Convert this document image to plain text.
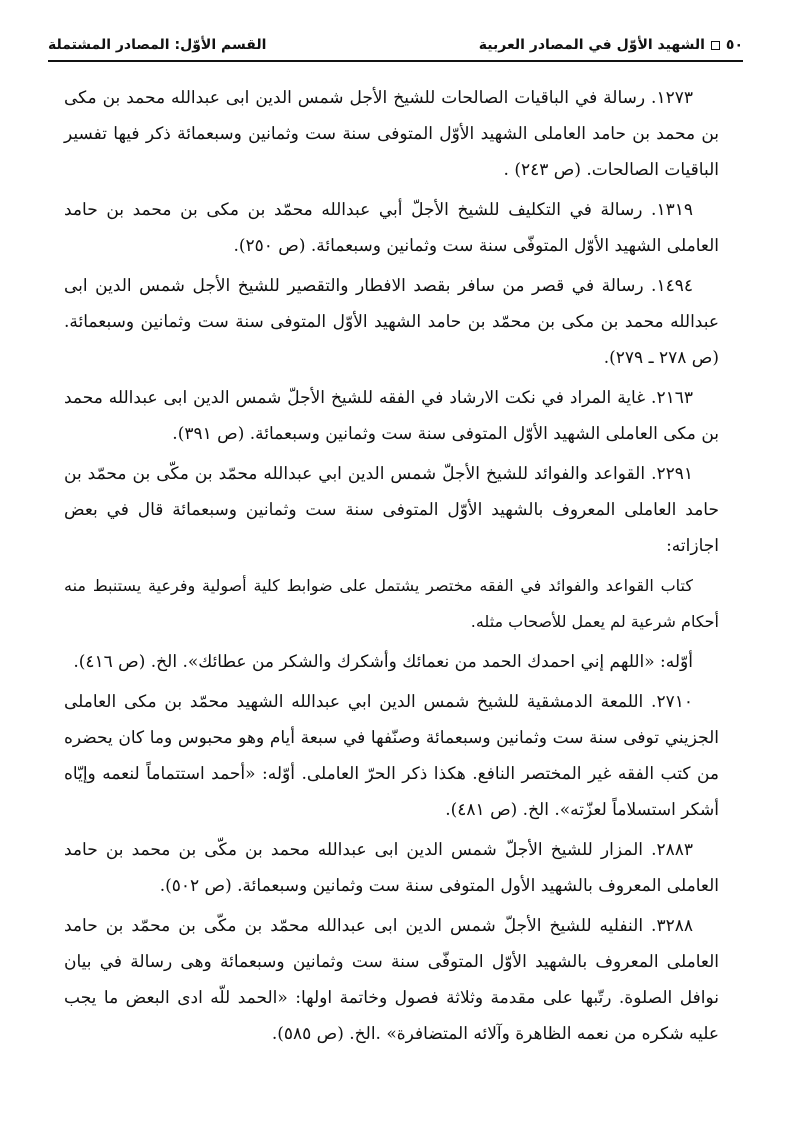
٥٠
الشهيد الأوّل في المصادر العربية
القسم الأوّل: المصادر المشتملة

١٢٧٣. رسالة في الباقيات الصالحات للشيخ الأجل شمس الدين ابى عبدالله محمد بن مكى بن محمد بن حامد العاملى الشهيد الأوّل المتوفى سنة ست وثمانين وسبعمائة ذكر فيها تفسير الباقيات الصالحات. (ص ٢٤٣) .

١٣١٩. رسالة في التكليف للشيخ الأجلّ أبي عبدالله محمّد بن مكى بن محمد بن حامد العاملى الشهيد الأوّل المتوفّى سنة ست وثمانين وسبعمائة. (ص ٢٥٠).

١٤٩٤. رسالة في قصر من سافر بقصد الافطار والتقصير للشيخ الأجل شمس الدين ابى عبدالله محمد بن مكى بن محمّد بن حامد الشهيد الأوّل المتوفى سنة ست وثمانين وسبعمائة. (ص ٢٧٨ ـ ٢٧٩).

٢١٦٣. غاية المراد في نكت الارشاد في الفقه للشيخ الأجلّ شمس الدين ابى عبدالله محمد بن مكى العاملى الشهيد الأوّل المتوفى سنة ست وثمانين وسبعمائة. (ص ٣٩١).

٢٢٩١. القواعد والفوائد للشيخ الأجلّ شمس الدين ابي عبدالله محمّد بن مكّى بن محمّد بن حامد العاملى المعروف بالشهيد الأوّل المتوفى سنة ست وثمانين وسبعمائة قال في بعض اجازاته:

كتاب القواعد والفوائد في الفقه مختصر يشتمل على ضوابط كلية أصولية وفرعية يستنبط منه أحكام شرعية لم يعمل للأصحاب مثله.

أوّله: «اللهم إني احمدك الحمد من نعمائك وأشكرك والشكر من عطائك». الخ. (ص ٤١٦).

٢٧١٠. اللمعة الدمشقية للشيخ شمس الدين ابي عبدالله الشهيد محمّد بن مكى العاملى الجزيني توفى سنة ست وثمانين وسبعمائة وصنّفها في سبعة أيام وهو محبوس وما كان يحضره من كتب الفقه غير المختصر النافع. هكذا ذكر الحرّ العاملى. أوّله: «أحمد استتماماً لنعمه وإيّاه أشكر استسلاماً لعزّته». الخ. (ص ٤٨١).

٢٨٨٣. المزار للشيخ الأجلّ شمس الدين ابى عبدالله محمد بن مكّى بن محمد بن حامد العاملى المعروف بالشهيد الأول المتوفى سنة ست وثمانين وسبعمائة. (ص ٥٠٢).

٣٢٨٨. النفليه للشيخ الأجلّ شمس الدين ابى عبدالله محمّد بن مكّى بن محمّد بن حامد العاملى المعروف بالشهيد الأوّل المتوفّى سنة ست وثمانين وسبعمائة وهى رسالة في بيان نوافل الصلوة. رتّبها على مقدمة وثلاثة فصول وخاتمة اولها: «الحمد للّه ادى البعض ما يجب عليه شكره من نعمه الظاهرة وآلائه المتضافرة» .الخ. (ص ٥٨٥).
